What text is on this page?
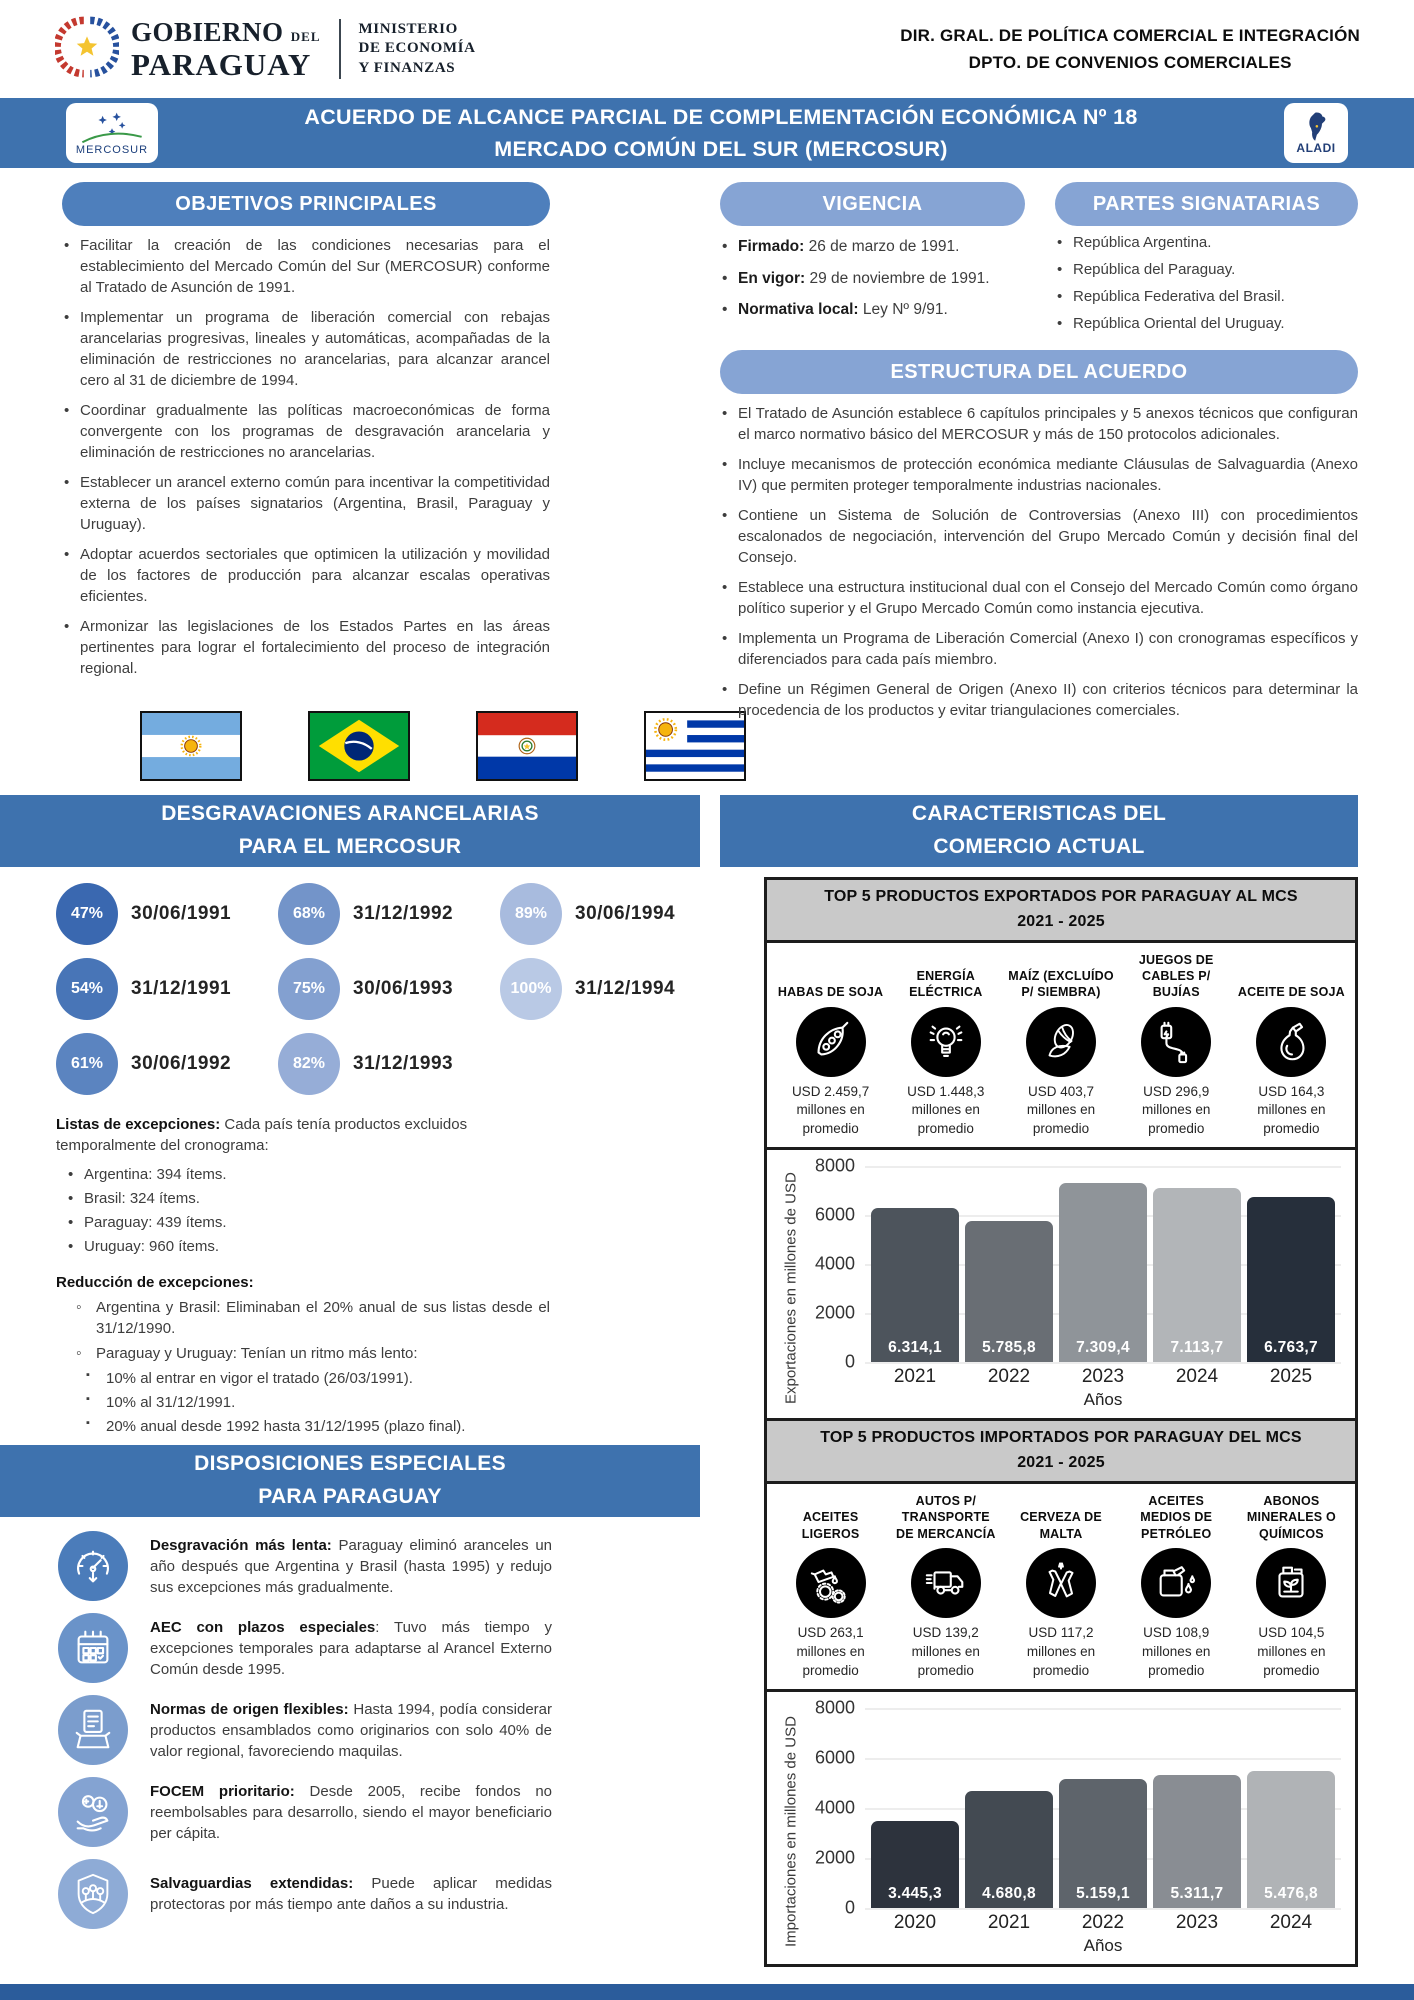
GOBIERNO DEL
PARAGUAY
MINISTERIO
DE ECONOMÍA
Y FINANZAS
DIR. GRAL. DE POLÍTICA COMERCIAL E INTEGRACIÓN
DPTO. DE CONVENIOS COMERCIALES
MERCOSUR
ACUERDO DE ALCANCE PARCIAL DE COMPLEMENTACIÓN ECONÓMICA Nº 18
MERCADO COMÚN DEL SUR (MERCOSUR)	ALADI
OBJETIVOS PRINCIPALES
• Facilitar la creación de las condiciones necesarias para el establecimiento del Mercado Común del Sur (MERCOSUR) conforme al Tratado de Asunción de 1991.
• Implementar un programa de liberación comercial con rebajas arancelarias progresivas, lineales y automáticas, acompañadas de la eliminación de restricciones no arancelarias, para alcanzar arancel cero al 31 de diciembre de 1994.
• Coordinar gradualmente las políticas macroeconómicas de forma convergente con los programas de desgravación arancelaria y eliminación de restricciones no arancelarias.
• Establecer un arancel externo común para incentivar la competitividad externa de los países signatarios (Argentina, Brasil, Paraguay y Uruguay).
• Adoptar acuerdos sectoriales que optimicen la utilización y movilidad de los factores de producción para alcanzar escalas operativas eficientes.
• Armonizar las legislaciones de los Estados Partes en las áreas pertinentes para lograr el fortalecimiento del proceso de integración regional.
VIGENCIA
• Firmado: 26 de marzo de 1991.
• En vigor: 29 de noviembre de 1991.
• Normativa local: Ley Nº 9/91.
PARTES SIGNATARIAS
• República Argentina.
• República del Paraguay.
• República Federativa del Brasil.
• República Oriental del Uruguay.
ESTRUCTURA DEL ACUERDO
• El Tratado de Asunción establece 6 capítulos principales y 5 anexos técnicos que configuran el marco normativo básico del MERCOSUR y más de 150 protocolos adicionales.
• Incluye mecanismos de protección económica mediante Cláusulas de Salvaguardia (Anexo IV) que permiten proteger temporalmente industrias nacionales.
• Contiene un Sistema de Solución de Controversias (Anexo III) con procedimientos escalonados de negociación, intervención del Grupo Mercado Común y decisión final del Consejo.
• Establece una estructura institucional dual con el Consejo del Mercado Común como órgano político superior y el Grupo Mercado Común como instancia ejecutiva.
• Implementa un Programa de Liberación Comercial (Anexo I) con cronogramas específicos y diferenciados para cada país miembro.
• Define un Régimen General de Origen (Anexo II) con criterios técnicos para determinar la procedencia de los productos y evitar triangulaciones comerciales.
DESGRAVACIONES ARANCELARIAS
PARA EL MERCOSUR
CARACTERISTICAS DEL
COMERCIO ACTUAL
47%	30/06/1991
54%	31/12/1991
61%	30/06/1992
68%	31/12/1992
75%	30/06/1993
82%	31/12/1993
89%	30/06/1994
100%	31/12/1994
Listas de excepciones: Cada país tenía productos excluidos temporalmente del cronograma:
• Argentina: 394 ítems.
• Brasil: 324 ítems.
• Paraguay: 439 ítems.
• Uruguay: 960 ítems.
Reducción de excepciones:
◦ Argentina y Brasil: Eliminaban el 20% anual de sus listas desde el 31/12/1990.
◦ Paraguay y Uruguay: Tenían un ritmo más lento:
▪ 10% al entrar en vigor el tratado (26/03/1991).
▪ 10% al 31/12/1991.
▪ 20% anual desde 1992 hasta 31/12/1995 (plazo final).
DISPOSICIONES ESPECIALES
PARA PARAGUAY

Desgravación más lenta: Paraguay eliminó aranceles un año después que Argentina y Brasil (hasta 1995) y redujo sus excepciones más gradualmente.

AEC con plazos especiales: Tuvo más tiempo y excepciones temporales para adaptarse al Arancel Externo Común desde 1995.

Normas de origen flexibles: Hasta 1994, podía considerar productos ensamblados como originarios con solo 40% de valor regional, favoreciendo maquilas.

FOCEM prioritario: Desde 2005, recibe fondos no reembolsables para desarrollo, siendo el mayor beneficiario per cápita.

Salvaguardias extendidas: Puede aplicar medidas protectoras por más tiempo ante daños a su industria.

TOP 5 PRODUCTOS EXPORTADOS POR PARAGUAY AL MCS
2021 - 2025
HABAS DE SOJA
USD 2.459,7 millones en promedio
ENERGÍA ELÉCTRICA
USD 1.448,3 millones en promedio
MAÍZ (EXCLUÍDO P/ SIEMBRA)
USD 403,7 millones en promedio
JUEGOS DE CABLES P/ BUJÍAS
USD 296,9 millones en promedio
ACEITE DE SOJA
USD 164,3 millones en promedio
Exportaciones en millones de USD
8000
6000
4000
2000
0
6.314,1	5.785,8	7.309,4	7.113,7	6.763,7
2021	2022	2023	2024	2025
Años
TOP 5 PRODUCTOS IMPORTADOS POR PARAGUAY DEL MCS
2021 - 2025
ACEITES LIGEROS
USD 263,1 millones en promedio
AUTOS P/ TRANSPORTE DE MERCANCÍA
USD 139,2 millones en promedio
CERVEZA DE MALTA
USD 117,2 millones en promedio
ACEITES MEDIOS DE PETRÓLEO
USD 108,9 millones en promedio
ABONOS MINERALES O QUÍMICOS
USD 104,5 millones en promedio
Importaciones en millones de USD
8000
6000
4000
2000
0
3.445,3	4.680,8	5.159,1	5.311,7	5.476,8
2020	2021	2022	2023	2024
Años
